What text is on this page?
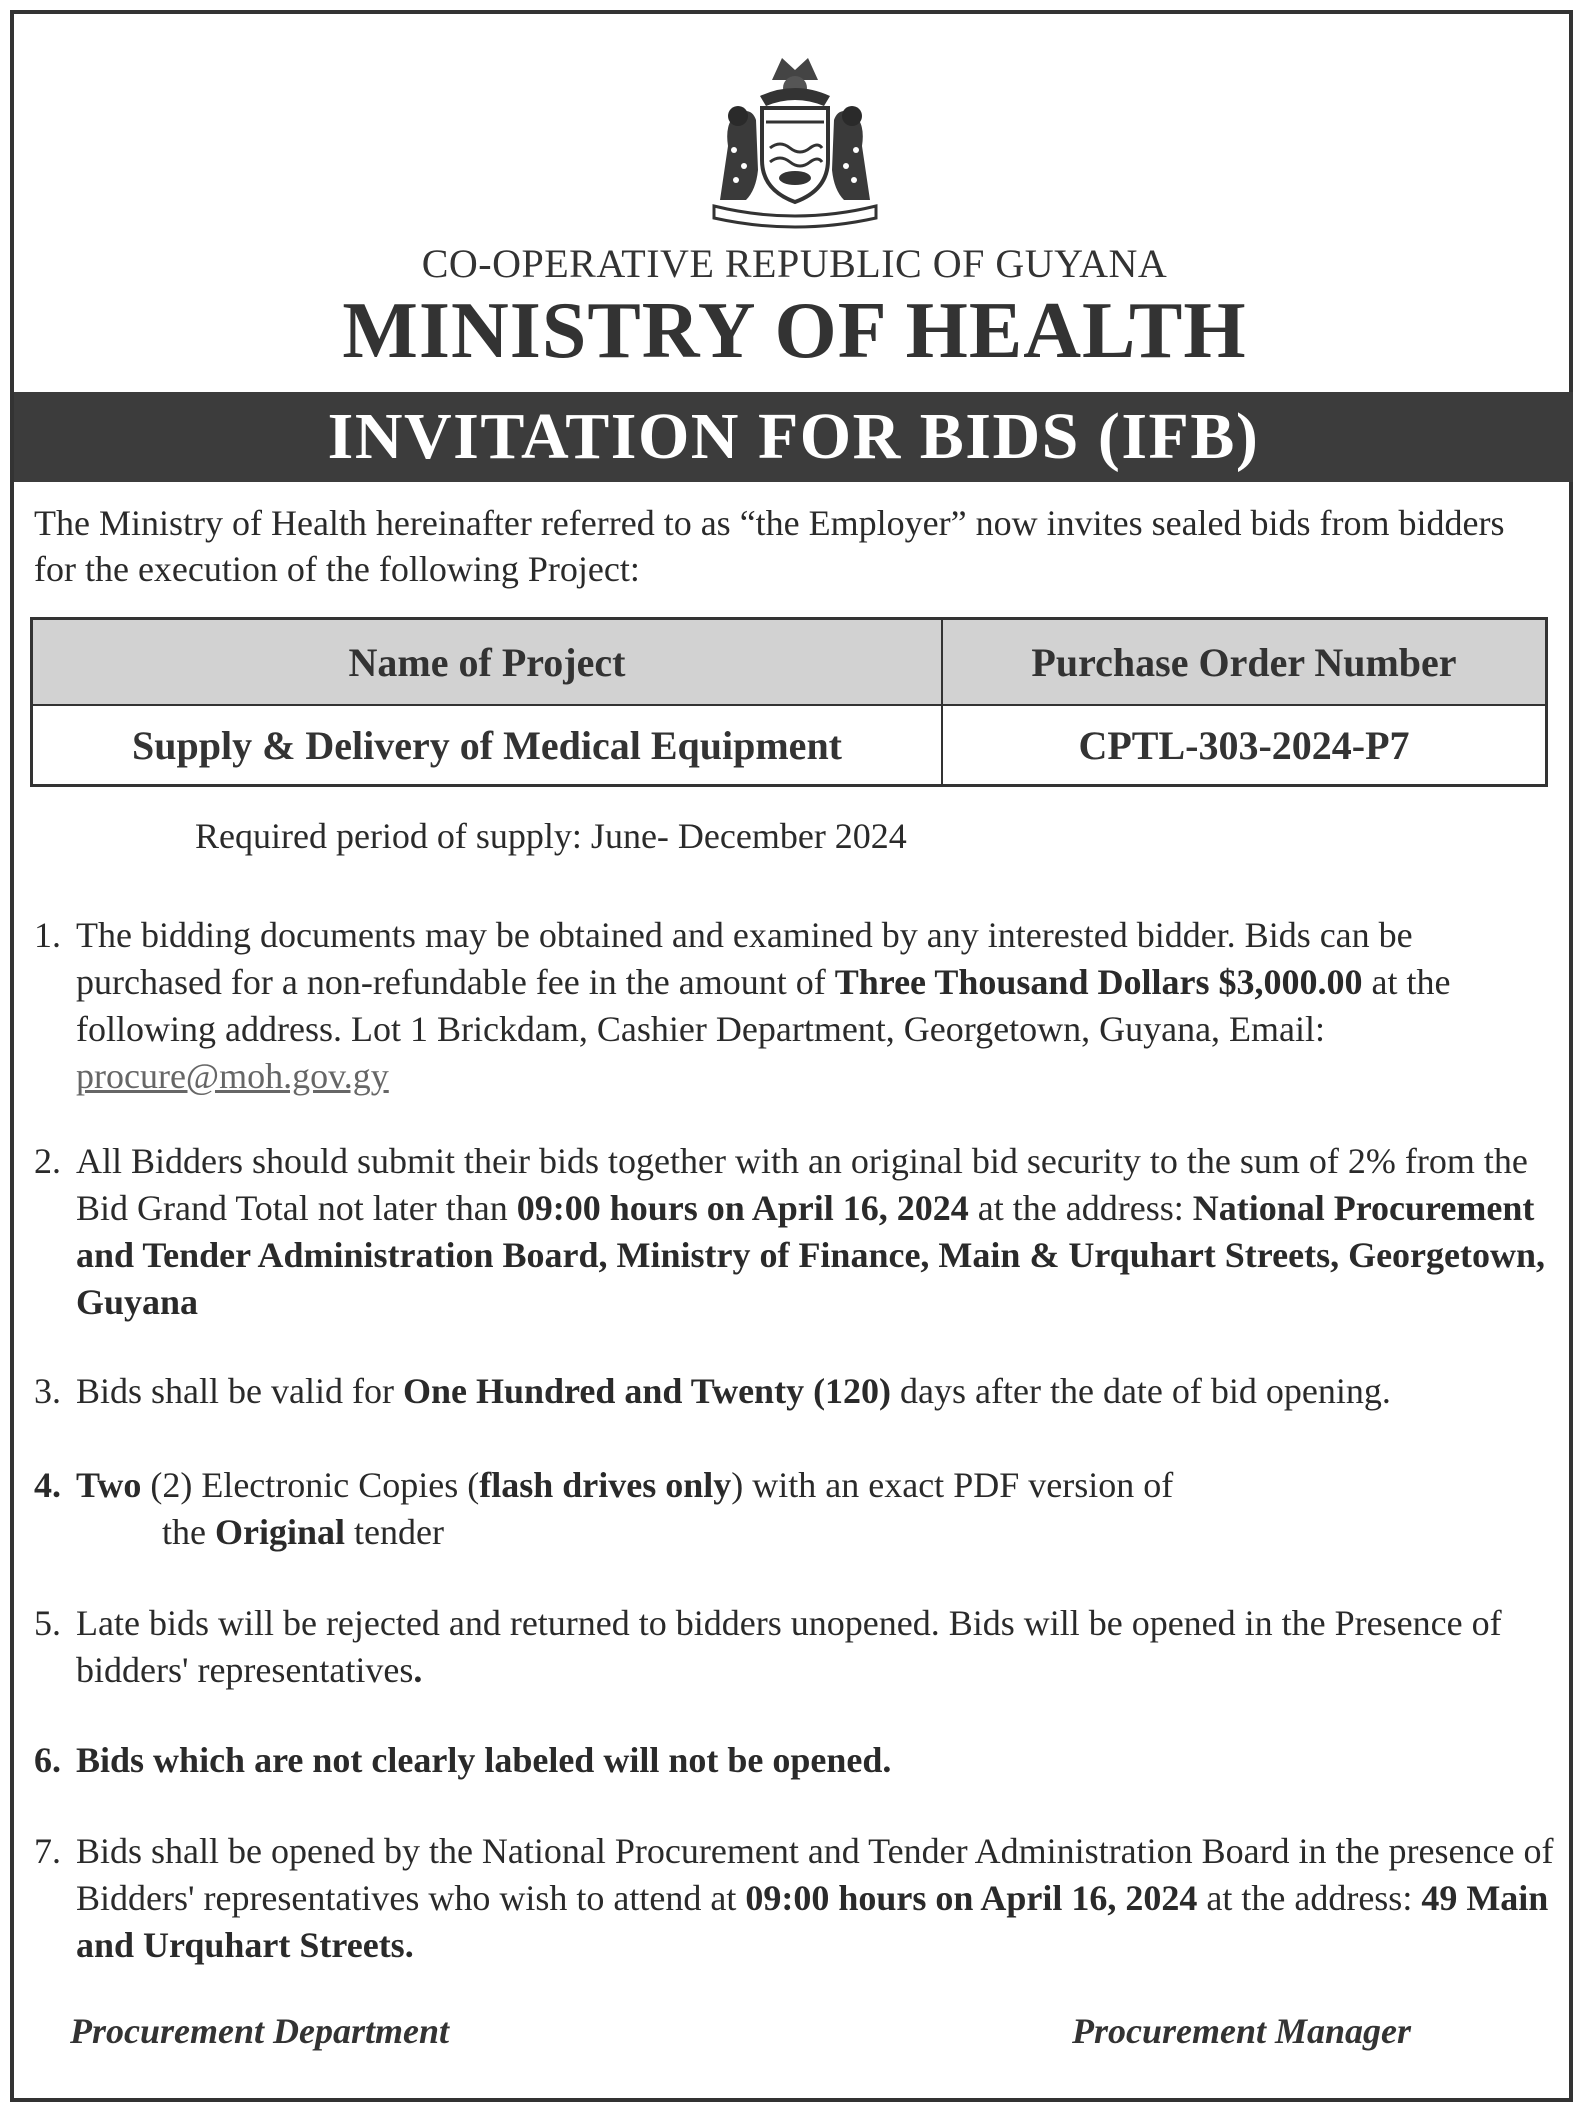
CO-OPERATIVE REPUBLIC OF GUYANA
MINISTRY OF HEALTH
INVITATION FOR BIDS (IFB)
The Ministry of Health hereinafter referred to as “the Employer” now invites sealed bids from bidders for the execution of the following Project:
Name of Project	Purchase Order Number
Supply & Delivery of Medical Equipment	CPTL-303-2024-P7
Required period of supply: June- December 2024
1. The bidding documents may be obtained and examined by any interested bidder. Bids can be purchased for a non-refundable fee in the amount of Three Thousand Dollars $3,000.00 at the following address. Lot 1 Brickdam, Cashier Department, Georgetown, Guyana, Email: procure@moh.gov.gy
2. All Bidders should submit their bids together with an original bid security to the sum of 2% from the Bid Grand Total not later than 09:00 hours on April 16, 2024 at the address: National Procurement and Tender Administration Board, Ministry of Finance, Main & Urquhart Streets, Georgetown, Guyana
3. Bids shall be valid for One Hundred and Twenty (120) days after the date of bid opening.
4. Two (2) Electronic Copies (flash drives only) with an exact PDF version of
the Original tender
5. Late bids will be rejected and returned to bidders unopened. Bids will be opened in the Presence of bidders' representatives.
6. Bids which are not clearly labeled will not be opened.
7. Bids shall be opened by the National Procurement and Tender Administration Board in the presence of Bidders' representatives who wish to attend at 09:00 hours on April 16, 2024 at the address: 49 Main and Urquhart Streets.
Procurement Department	Procurement Manager
